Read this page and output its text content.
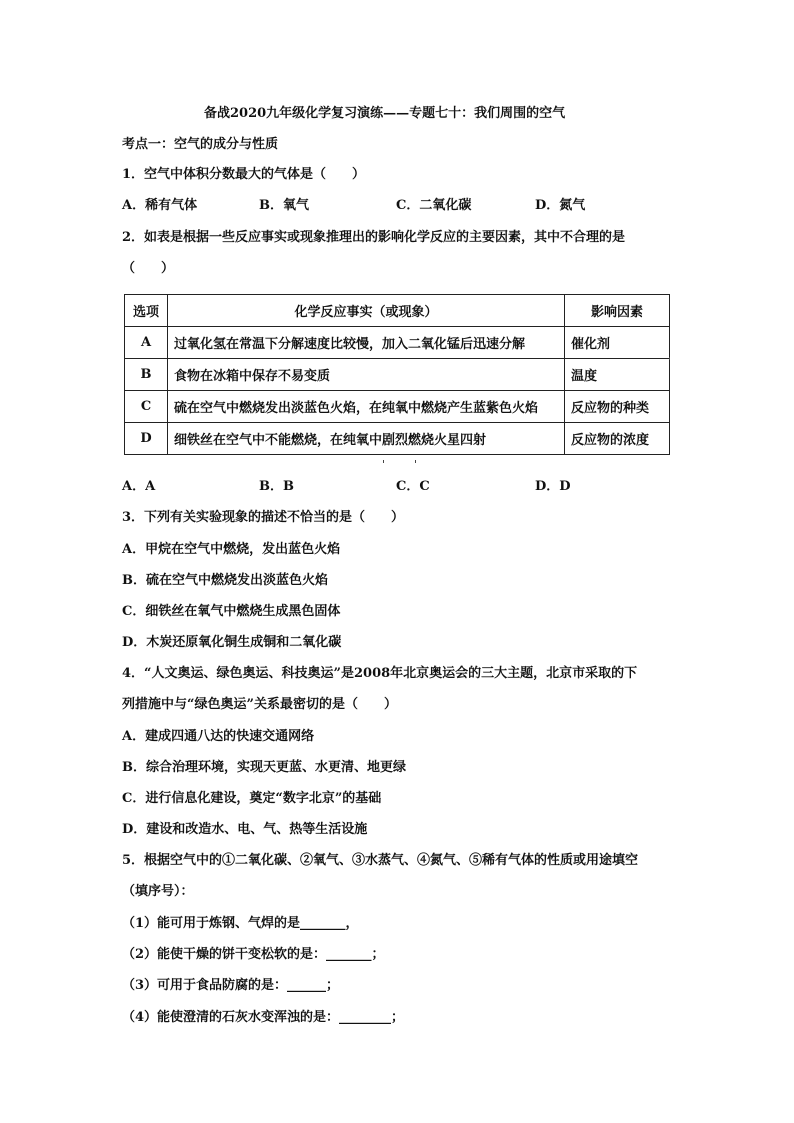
备战2020九年级化学复习演练——专题七十：我们周围的空气
考点一：空气的成分与性质
1．空气中体积分数最大的气体是（　　）
A．稀有气体	B．氧气	C．二氧化碳	D．氮气
2．如表是根据一些反应事实或现象推理出的影响化学反应的主要因素，其中不合理的是
（　　）
选项	化学反应事实（或现象）	影响因素
A	过氧化氢在常温下分解速度比较慢，加入二氧化锰后迅速分解	催化剂
B	食物在冰箱中保存不易变质	温度
C	硫在空气中燃烧发出淡蓝色火焰，在纯氧中燃烧产生蓝紫色火焰	反应物的种类
D	细铁丝在空气中不能燃烧，在纯氧中剧烈燃烧火星四射	反应物的浓度
A．A	B．B	C．C	D．D
3．下列有关实验现象的描述不恰当的是（　　）
A．甲烷在空气中燃烧，发出蓝色火焰
B．硫在空气中燃烧发出淡蓝色火焰
C．细铁丝在氧气中燃烧生成黑色固体
D．木炭还原氧化铜生成铜和二氧化碳
4．“人文奥运、绿色奥运、科技奥运”是2008年北京奥运会的三大主题，北京市采取的下
列措施中与“绿色奥运”关系最密切的是（　　）
A．建成四通八达的快速交通网络
B．综合治理环境，实现天更蓝、水更清、地更绿
C．进行信息化建设，奠定“数字北京”的基础
D．建设和改造水、电、气、热等生活设施
5．根据空气中的①二氧化碳、②氧气、③水蒸气、④氮气、⑤稀有气体的性质或用途填空
（填序号）：
（1）能可用于炼钢、气焊的是_______，
（2）能使干燥的饼干变松软的是：_______；
（3）可用于食品防腐的是：______；
（4）能使澄清的石灰水变浑浊的是：________；
